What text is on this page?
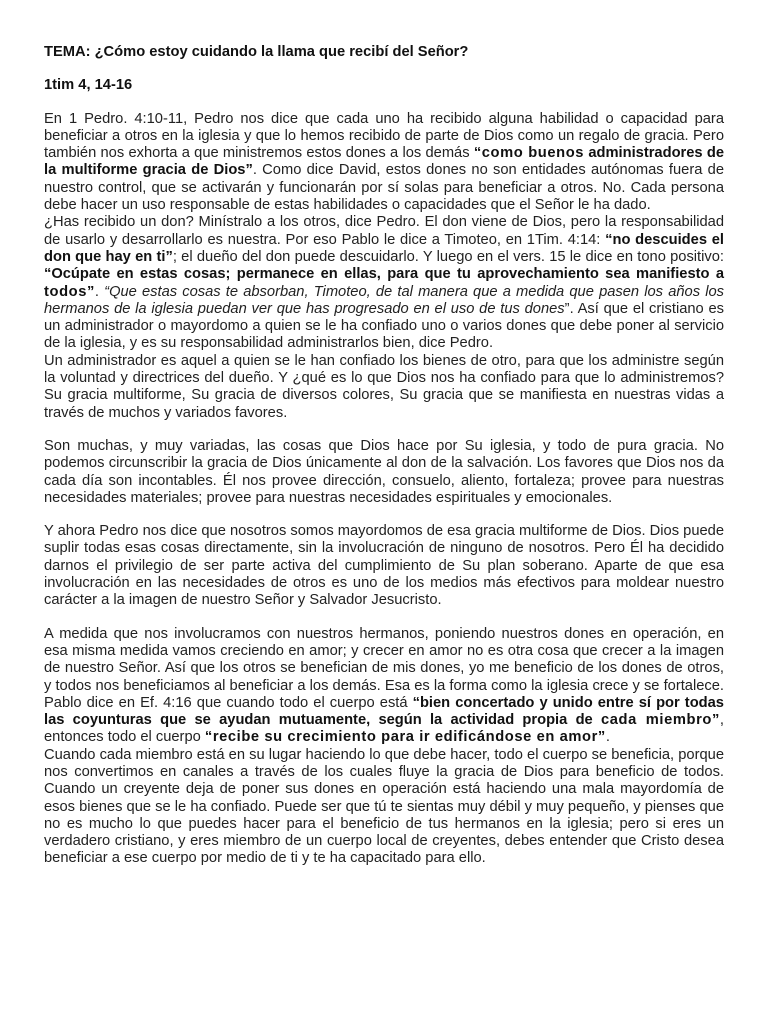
TEMA: ¿Cómo estoy cuidando la llama que recibí del Señor?

1tim 4, 14-16

En 1 Pedro. 4:10-11, Pedro nos dice que cada uno ha recibido alguna habilidad o capacidad para beneficiar a otros en la iglesia y que lo hemos recibido de parte de Dios como un regalo de gracia. Pero también nos exhorta a que ministremos estos dones a los demás “como buenos administradores de la multiforme gracia de Dios”. Como dice David, estos dones no son entidades autónomas fuera de nuestro control, que se activarán y funcionarán por sí solas para beneficiar a otros. No. Cada persona debe hacer un uso responsable de estas habilidades o capacidades que el Señor le ha dado.

¿Has recibido un don? Minístralo a los otros, dice Pedro. El don viene de Dios, pero la responsabilidad de usarlo y desarrollarlo es nuestra. Por eso Pablo le dice a Timoteo, en 1Tim. 4:14: “no descuides el don que hay en ti”; el dueño del don puede descuidarlo. Y luego en el vers. 15 le dice en tono positivo: “Ocúpate en estas cosas; permanece en ellas, para que tu aprovechamiento sea manifiesto a todos”. “Que estas cosas te absorban, Timoteo, de tal manera que a medida que pasen los años los hermanos de la iglesia puedan ver que has progresado en el uso de tus dones”. Así que el cristiano es un administrador o mayordomo a quien se le ha confiado uno o varios dones que debe poner al servicio de la iglesia, y es su responsabilidad administrarlos bien, dice Pedro.

Un administrador es aquel a quien se le han confiado los bienes de otro, para que los administre según la voluntad y directrices del dueño. Y ¿qué es lo que Dios nos ha confiado para que lo administremos? Su gracia multiforme, Su gracia de diversos colores, Su gracia que se manifiesta en nuestras vidas a través de muchos y variados favores.

Son muchas, y muy variadas, las cosas que Dios hace por Su iglesia, y todo de pura gracia. No podemos circunscribir la gracia de Dios únicamente al don de la salvación. Los favores que Dios nos da cada día son incontables. Él nos provee dirección, consuelo, aliento, fortaleza; provee para nuestras necesidades materiales; provee para nuestras necesidades espirituales y emocionales.

Y ahora Pedro nos dice que nosotros somos mayordomos de esa gracia multiforme de Dios. Dios puede suplir todas esas cosas directamente, sin la involucración de ninguno de nosotros. Pero Él ha decidido darnos el privilegio de ser parte activa del cumplimiento de Su plan soberano. Aparte de que esa involucración en las necesidades de otros es uno de los medios más efectivos para moldear nuestro carácter a la imagen de nuestro Señor y Salvador Jesucristo.

A medida que nos involucramos con nuestros hermanos, poniendo nuestros dones en operación, en esa misma medida vamos creciendo en amor; y crecer en amor no es otra cosa que crecer a la imagen de nuestro Señor. Así que los otros se benefician de mis dones, yo me beneficio de los dones de otros, y todos nos beneficiamos al beneficiar a los demás. Esa es la forma como la iglesia crece y se fortalece. Pablo dice en Ef. 4:16 que cuando todo el cuerpo está “bien concertado y unido entre sí por todas las coyunturas que se ayudan mutuamente, según la actividad propia de cada miembro”, entonces todo el cuerpo “recibe su crecimiento para ir edificándose en amor”.

Cuando cada miembro está en su lugar haciendo lo que debe hacer, todo el cuerpo se beneficia, porque nos convertimos en canales a través de los cuales fluye la gracia de Dios para beneficio de todos. Cuando un creyente deja de poner sus dones en operación está haciendo una mala mayordomía de esos bienes que se le ha confiado. Puede ser que tú te sientas muy débil y muy pequeño, y pienses que no es mucho lo que puedes hacer para el beneficio de tus hermanos en la iglesia; pero si eres un verdadero cristiano, y eres miembro de un cuerpo local de creyentes, debes entender que Cristo desea beneficiar a ese cuerpo por medio de ti y te ha capacitado para ello.
